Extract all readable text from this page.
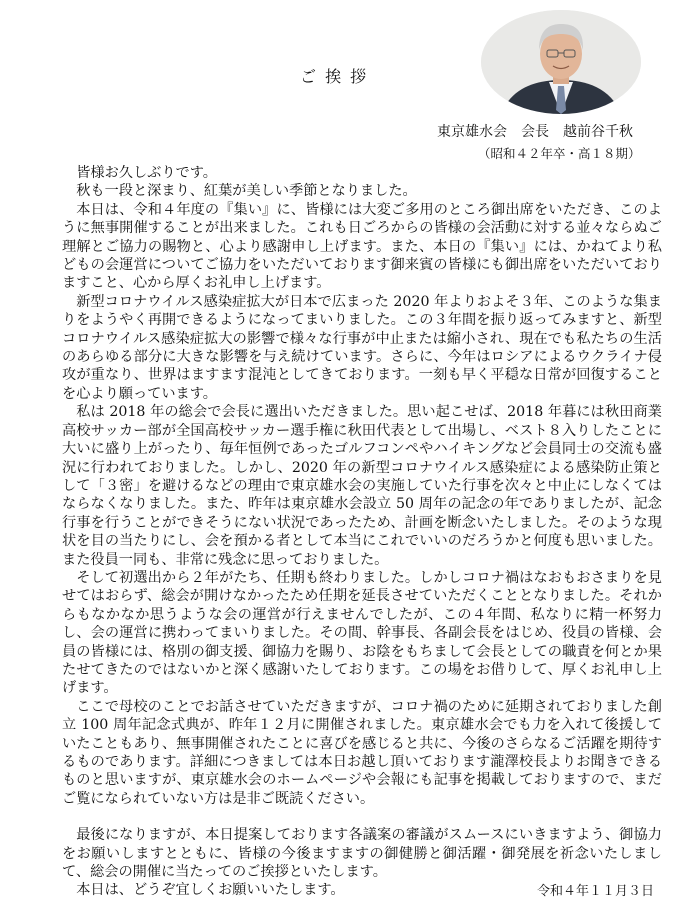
ご 挨 拶
東京雄水会　会長　越前谷千秋
（昭和４２年卒・高１８期）

皆様お久しぶりです。

秋も一段と深まり、紅葉が美しい季節となりました。

本日は、令和４年度の『集い』に、皆様には大変ご多用のところ御出席をいただき、このように無事開催することが出来ました。これも日ごろからの皆様の会活動に対する並々ならぬご理解とご協力の賜物と、心より感謝申し上げます。また、本日の『集い』には、かねてより私どもの会運営についてご協力をいただいております御来賓の皆様にも御出席をいただいておりますこと、心から厚くお礼申し上げます。

新型コロナウイルス感染症拡大が日本で広まった 2020 年よりおよそ３年、このような集まりをようやく再開できるようになってまいりました。この３年間を振り返ってみますと、新型コロナウイルス感染症拡大の影響で様々な行事が中止または縮小され、現在でも私たちの生活のあらゆる部分に大きな影響を与え続けています。さらに、今年はロシアによるウクライナ侵攻が重なり、世界はますます混沌としてきております。一刻も早く平穏な日常が回復することを心より願っています。

私は 2018 年の総会で会長に選出いただきました。思い起こせば、2018 年暮には秋田商業高校サッカー部が全国高校サッカー選手権に秋田代表として出場し、ベスト８入りしたことに大いに盛り上がったり、毎年恒例であったゴルフコンペやハイキングなど会員同士の交流も盛況に行われておりました。しかし、2020 年の新型コロナウイルス感染症による感染防止策として「３密」を避けるなどの理由で東京雄水会の実施していた行事を次々と中止にしなくてはならなくなりました。また、昨年は東京雄水会設立 50 周年の記念の年でありましたが、記念行事を行うことができそうにない状況であったため、計画を断念いたしました。そのような現状を目の当たりにし、会を預かる者として本当にこれでいいのだろうかと何度も思いました。また役員一同も、非常に残念に思っておりました。

そして初選出から２年がたち、任期も終わりました。しかしコロナ禍はなおもおさまりを見せてはおらず、総会が開けなかったため任期を延長させていただくこととなりました。それからもなかなか思うような会の運営が行えませんでしたが、この４年間、私なりに精一杯努力し、会の運営に携わってまいりました。その間、幹事長、各副会長をはじめ、役員の皆様、会員の皆様には、格別の御支援、御協力を賜り、お陰をもちまして会長としての職責を何とか果たせてきたのではないかと深く感謝いたしております。この場をお借りして、厚くお礼申し上げます。

ここで母校のことでお話させていただきますが、コロナ禍のために延期されておりました創立 100 周年記念式典が、昨年１２月に開催されました。東京雄水会でも力を入れて後援していたこともあり、無事開催されたことに喜びを感じると共に、今後のさらなるご活躍を期待するものであります。詳細につきましては本日お越し頂いております瀧澤校長よりお聞きできるものと思いますが、東京雄水会のホームページや会報にも記事を掲載しておりますので、まだご覧になられていない方は是非ご既読ください。

最後になりますが、本日提案しております各議案の審議がスムースにいきますよう、御協力をお願いしますとともに、皆様の今後ますますの御健勝と御活躍・御発展を祈念いたしまして、総会の開催に当たってのご挨拶といたします。

本日は、どうぞ宜しくお願いいたします。	令和４年１１月３日
